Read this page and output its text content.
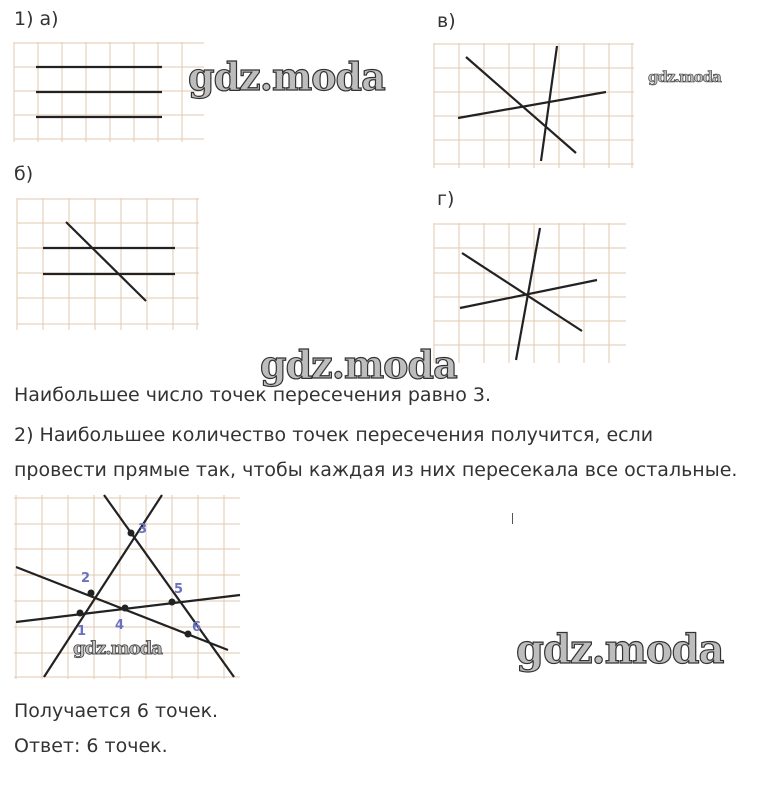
1) а)	в)
б)
г)
Наибольшее число точек пересечения равно 3.
2) Наибольшее количество точек пересечения получится, если
провести прямые так, чтобы каждая из них пересекала все остальные.
1
2
3
4
5
6
Получается 6 точек.
Ответ: 6 точек.
gdz.moda	gdz.moda
gdz.moda
gdz.moda	gdz.moda
